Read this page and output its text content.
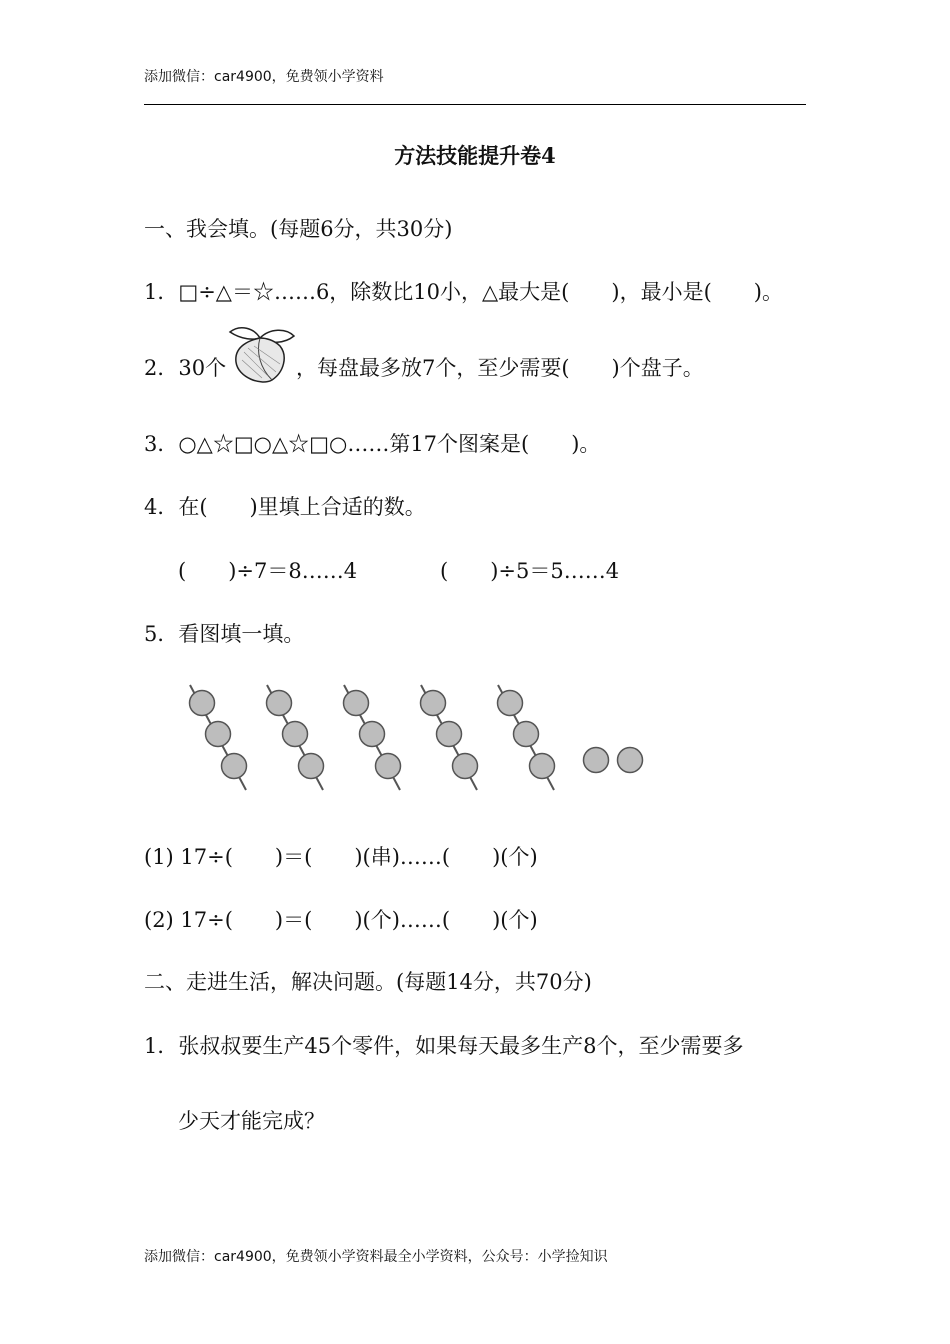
添加微信：car4900，免费领小学资料
方法技能提升卷4
一、我会填。(每题6分，共30分)
1．□÷△＝☆……6，除数比10小，△最大是(　　)，最小是(　　)。
2．30个	，每盘最多放7个，至少需要(　　)个盘子。
3．○△☆□○△☆□○……第17个图案是(　　)。
4．在(　　)里填上合适的数。
(　　)÷7＝8……4	(　　)÷5＝5……4
5．看图填一填。
(1) 17÷(　　)＝(　　)(串)……(　　)(个)
(2) 17÷(　　)＝(　　)(个)……(　　)(个)
二、走进生活，解决问题。(每题14分，共70分)
1．张叔叔要生产45个零件，如果每天最多生产8个，至少需要多
少天才能完成？
添加微信：car4900，免费领小学资料最全小学资料，公众号：小学捡知识
